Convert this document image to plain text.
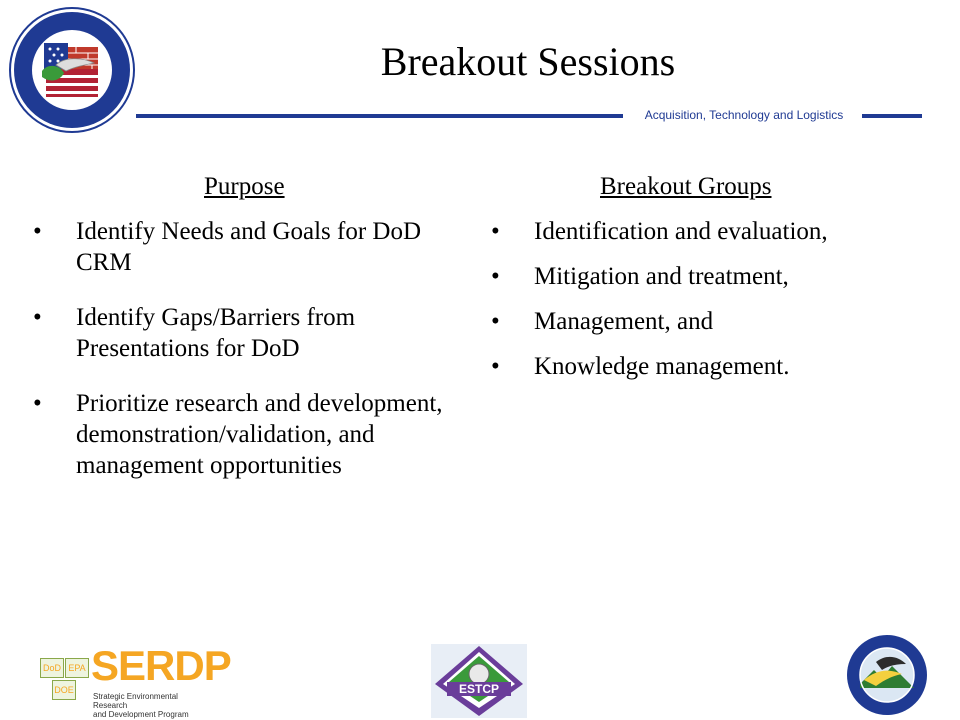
Breakout Sessions
Acquisition, Technology and Logistics
Purpose
• Identify Needs and Goals for DoD CRM
• Identify Gaps/Barriers from Presentations for DoD
• Prioritize research and development, demonstration/validation, and management opportunities
Breakout Groups
• Identification and evaluation,
• Mitigation and treatment,
• Management, and
• Knowledge management.
DoD EPA
DOE
SERDP
Strategic Environmental Research
and Development Program
ESTCP
